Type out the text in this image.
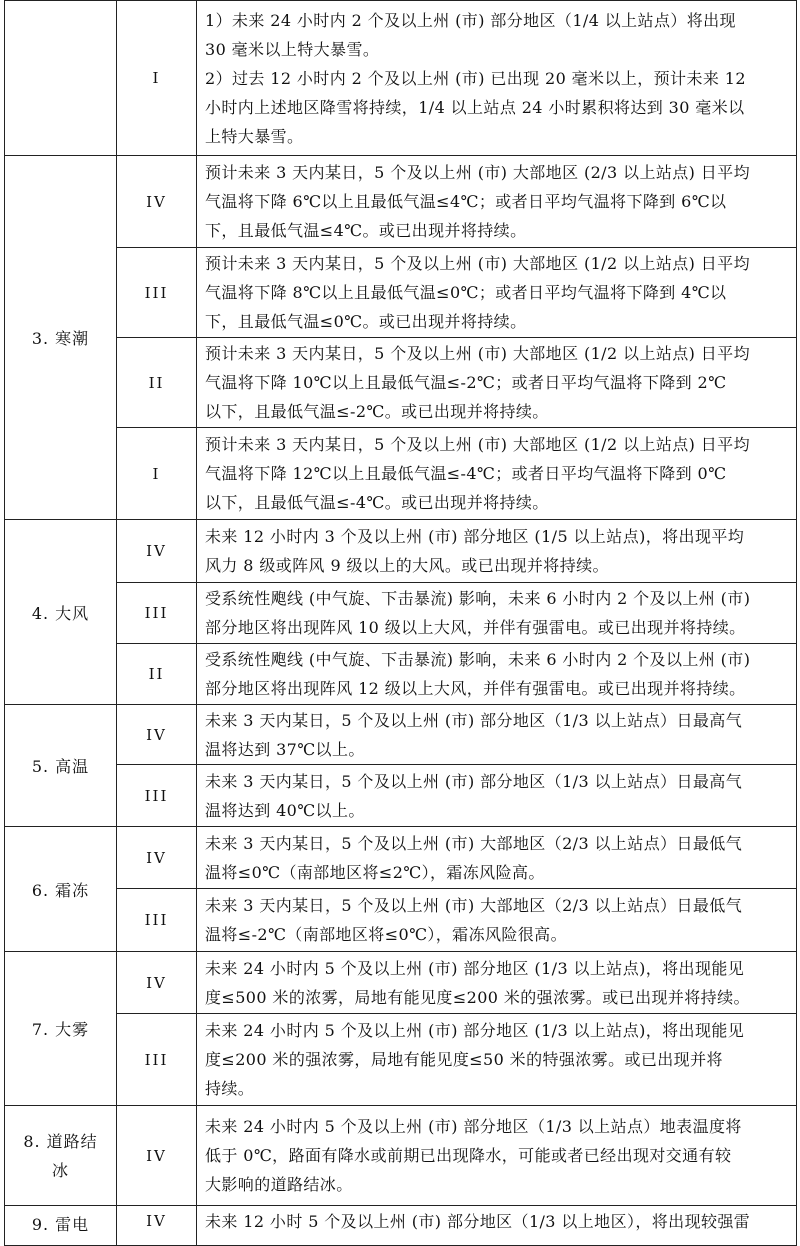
	I	1）未来 24 小时内 2 个及以上州 (市) 部分地区（1/4 以上站点）将出现
30 毫米以上特大暴雪。
2）过去 12 小时内 2 个及以上州 (市) 已出现 20 毫米以上，预计未来 12
小时内上述地区降雪将持续，1/4 以上站点 24 小时累积将达到 30 毫米以
上特大暴雪。

3. 寒潮	IV	预计未来 3 天内某日，5 个及以上州 (市) 大部地区 (2/3 以上站点) 日平均
气温将下降 6℃以上且最低气温≤4℃；或者日平均气温将下降到 6℃以
下，且最低气温≤4℃。或已出现并将持续。

	III	预计未来 3 天内某日，5 个及以上州 (市) 大部地区 (1/2 以上站点) 日平均
气温将下降 8℃以上且最低气温≤0℃；或者日平均气温将下降到 4℃以
下，且最低气温≤0℃。或已出现并将持续。

	II	预计未来 3 天内某日，5 个及以上州 (市) 大部地区 (1/2 以上站点) 日平均
气温将下降 10℃以上且最低气温≤-2℃；或者日平均气温将下降到 2℃
以下，且最低气温≤-2℃。或已出现并将持续。

	I	预计未来 3 天内某日，5 个及以上州 (市) 大部地区 (1/2 以上站点) 日平均
气温将下降 12℃以上且最低气温≤-4℃；或者日平均气温将下降到 0℃
以下，且最低气温≤-4℃。或已出现并将持续。

4. 大风	IV	未来 12 小时内 3 个及以上州 (市) 部分地区 (1/5 以上站点)，将出现平均
风力 8 级或阵风 9 级以上的大风。或已出现并将持续。

	III	受系统性飑线 (中气旋、下击暴流) 影响，未来 6 小时内 2 个及以上州 (市)
部分地区将出现阵风 10 级以上大风，并伴有强雷电。或已出现并将持续。

	II	受系统性飑线 (中气旋、下击暴流) 影响，未来 6 小时内 2 个及以上州 (市)
部分地区将出现阵风 12 级以上大风，并伴有强雷电。或已出现并将持续。

5. 高温	IV	未来 3 天内某日，5 个及以上州 (市) 部分地区（1/3 以上站点）日最高气
温将达到 37℃以上。

	III	未来 3 天内某日，5 个及以上州 (市) 部分地区（1/3 以上站点）日最高气
温将达到 40℃以上。

6. 霜冻	IV	未来 3 天内某日，5 个及以上州 (市) 大部地区（2/3 以上站点）日最低气
温将≤0℃（南部地区将≤2℃），霜冻风险高。

	III	未来 3 天内某日，5 个及以上州 (市) 大部地区（2/3 以上站点）日最低气
温将≤-2℃（南部地区将≤0℃），霜冻风险很高。

7. 大雾	IV	未来 24 小时内 5 个及以上州 (市) 部分地区 (1/3 以上站点)，将出现能见
度≤500 米的浓雾，局地有能见度≤200 米的强浓雾。或已出现并将持续。

	III	未来 24 小时内 5 个及以上州 (市) 部分地区 (1/3 以上站点)，将出现能见
度≤200 米的强浓雾，局地有能见度≤50 米的特强浓雾。或已出现并将
持续。

8. 道路结冰	IV	未来 24 小时内 5 个及以上州 (市) 部分地区（1/3 以上站点）地表温度将
低于 0℃，路面有降水或前期已出现降水，可能或者已经出现对交通有较
大影响的道路结冰。

9. 雷电	IV	未来 12 小时 5 个及以上州 (市) 部分地区（1/3 以上地区），将出现较强雷
